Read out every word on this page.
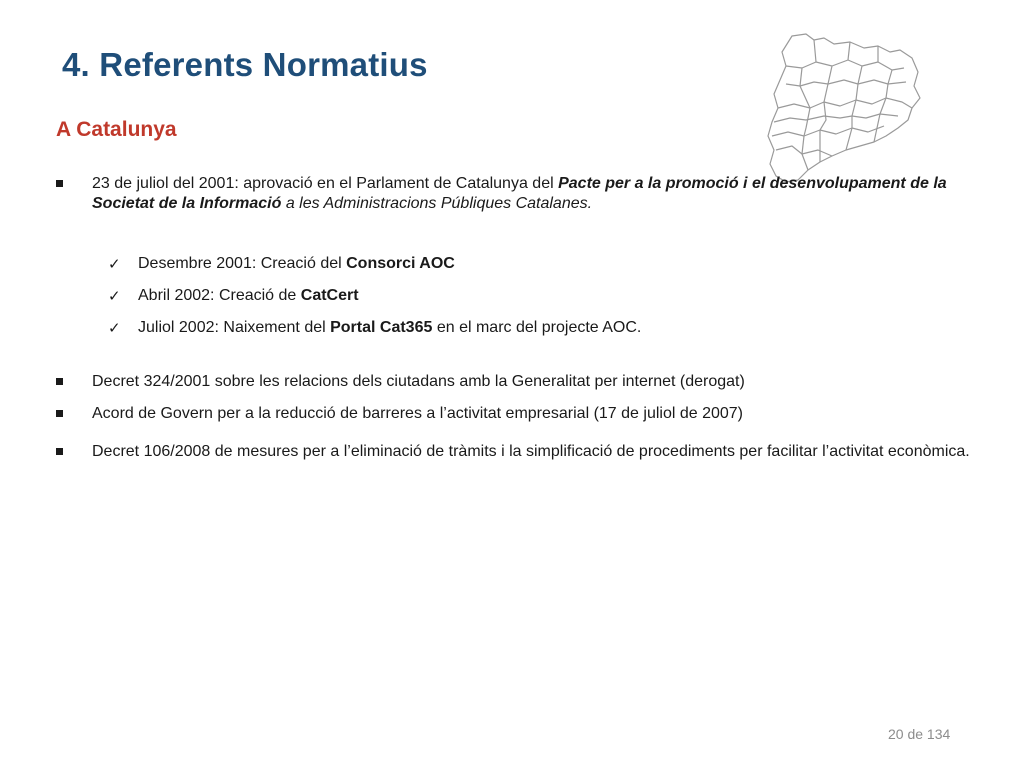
4. Referents Normatius
A Catalunya
23 de juliol del 2001: aprovació en el Parlament de Catalunya del Pacte per a la promoció i el desenvolupament de la Societat de la Informació a les Administracions Públiques Catalanes.
✓ Desembre 2001: Creació del Consorci AOC
✓ Abril 2002: Creació de CatCert
✓ Juliol 2002: Naixement del Portal Cat365 en el marc del projecte AOC.
Decret 324/2001 sobre les relacions dels ciutadans amb la Generalitat per internet (derogat)
Acord de Govern per a la reducció de barreres a l’activitat empresarial (17 de juliol de 2007)
Decret 106/2008 de mesures per a l’eliminació de tràmits i la simplificació de procediments per facilitar l’activitat econòmica.
20 de 134
